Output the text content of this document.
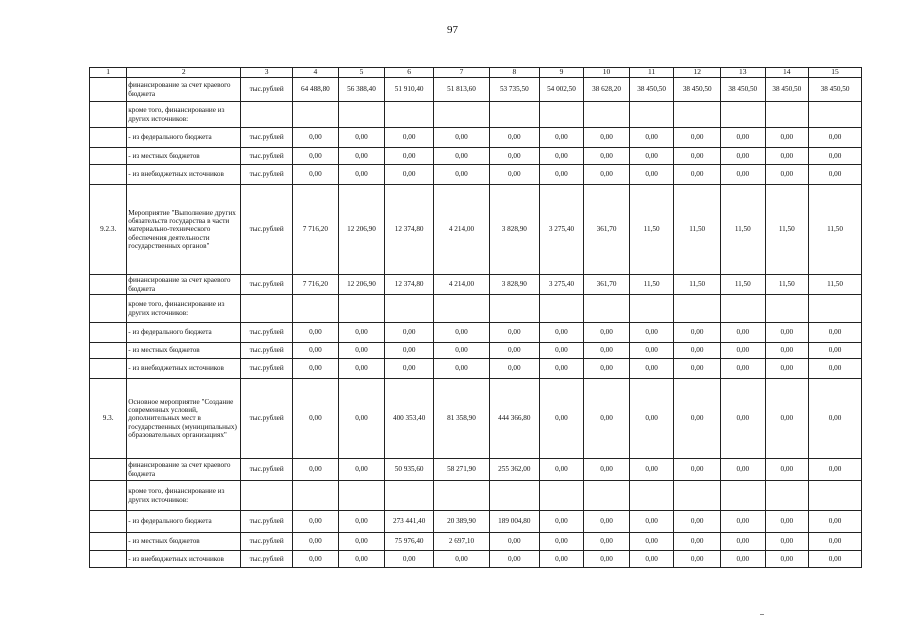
97
1	2	3	4	5	6	7	8	9	10	11	12	13	14	15
	финансирование за счет краевого бюджета	тыс.рублей	64 488,80	56 388,40	51 910,40	51 813,60	53 735,50	54 002,50	38 628,20	38 450,50	38 450,50	38 450,50	38 450,50	38 450,50
	кроме того, финансирование из других источников:													
	- из федерального бюджета	тыс.рублей	0,00	0,00	0,00	0,00	0,00	0,00	0,00	0,00	0,00	0,00	0,00	0,00
	- из местных бюджетов	тыс.рублей	0,00	0,00	0,00	0,00	0,00	0,00	0,00	0,00	0,00	0,00	0,00	0,00
	- из внебюджетных источников	тыс.рублей	0,00	0,00	0,00	0,00	0,00	0,00	0,00	0,00	0,00	0,00	0,00	0,00
9.2.3.	Мероприятие "Выполнение других обязательств государства в части материально-технического обеспечения деятельности государственных органов"	тыс.рублей	7 716,20	12 206,90	12 374,80	4 214,00	3 828,90	3 275,40	361,70	11,50	11,50	11,50	11,50	11,50
	финансирование за счет краевого бюджета	тыс.рублей	7 716,20	12 206,90	12 374,80	4 214,00	3 828,90	3 275,40	361,70	11,50	11,50	11,50	11,50	11,50
	кроме того, финансирование из других источников:													
	- из федерального бюджета	тыс.рублей	0,00	0,00	0,00	0,00	0,00	0,00	0,00	0,00	0,00	0,00	0,00	0,00
	- из местных бюджетов	тыс.рублей	0,00	0,00	0,00	0,00	0,00	0,00	0,00	0,00	0,00	0,00	0,00	0,00
	- из внебюджетных источников	тыс.рублей	0,00	0,00	0,00	0,00	0,00	0,00	0,00	0,00	0,00	0,00	0,00	0,00
9.3.	Основное мероприятие "Создание современных условий, дополнительных мест в государственных (муниципальных) образовательных организациях"	тыс.рублей	0,00	0,00	400 353,40	81 358,90	444 366,80	0,00	0,00	0,00	0,00	0,00	0,00	0,00
	финансирование за счет краевого бюджета	тыс.рублей	0,00	0,00	50 935,60	58 271,90	255 362,00	0,00	0,00	0,00	0,00	0,00	0,00	0,00
	кроме того, финансирование из других источников:													
	- из федерального бюджета	тыс.рублей	0,00	0,00	273 441,40	20 389,90	189 004,80	0,00	0,00	0,00	0,00	0,00	0,00	0,00
	- из местных бюджетов	тыс.рублей	0,00	0,00	75 976,40	2 697,10	0,00	0,00	0,00	0,00	0,00	0,00	0,00	0,00
	- из внебюджетных источников	тыс.рублей	0,00	0,00	0,00	0,00	0,00	0,00	0,00	0,00	0,00	0,00	0,00	0,00
